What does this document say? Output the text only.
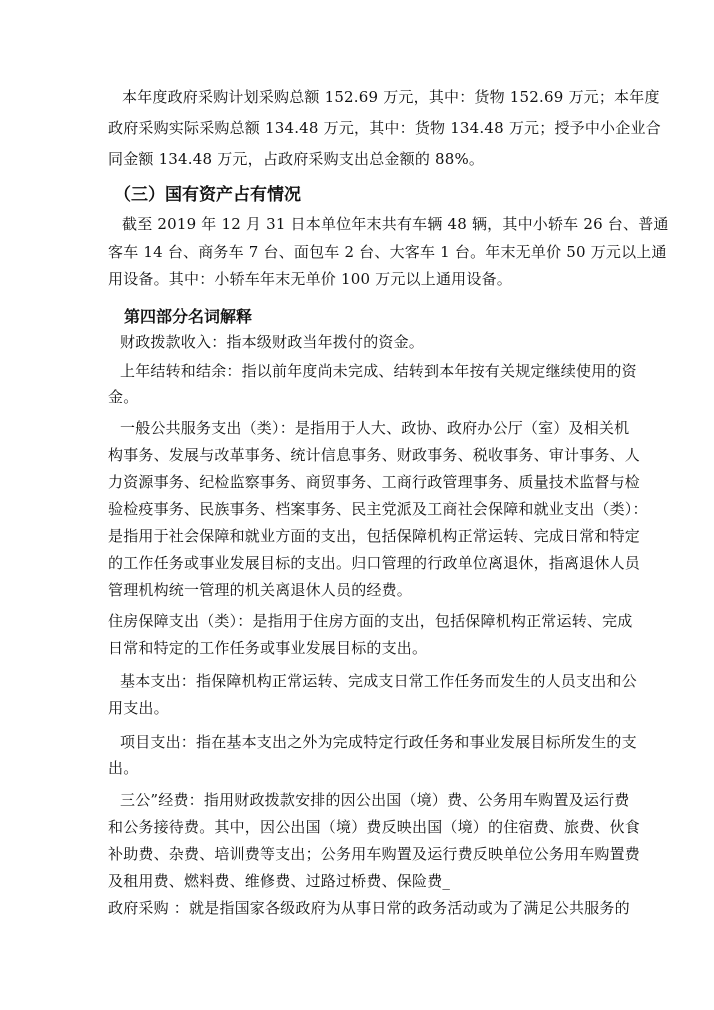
本年度政府采购计划采购总额 152.69 万元，其中：货物 152.69 万元；本年度
政府采购实际采购总额 134.48 万元，其中：货物 134.48 万元；授予中小企业合
同金额 134.48 万元，占政府采购支出总金额的 88%。
（三）国有资产占有情况
截至 2019 年 12 月 31 日本单位年末共有车辆 48 辆，其中小轿车 26 台、普通
客车 14 台、商务车 7 台、面包车 2 台、大客车 1 台。年末无单价 50 万元以上通
用设备。其中：小轿车年末无单价 100 万元以上通用设备。
第四部分名词解释
财政拨款收入：指本级财政当年拨付的资金。
上年结转和结余：指以前年度尚未完成、结转到本年按有关规定继续使用的资
金。
一般公共服务支出（类）：是指用于人大、政协、政府办公厅（室）及相关机
构事务、发展与改革事务、统计信息事务、财政事务、税收事务、审计事务、人
力资源事务、纪检监察事务、商贸事务、工商行政管理事务、质量技术监督与检
验检疫事务、民族事务、档案事务、民主党派及工商社会保障和就业支出（类）：
是指用于社会保障和就业方面的支出，包括保障机构正常运转、完成日常和特定
的工作任务或事业发展目标的支出。归口管理的行政单位离退休，指离退休人员
管理机构统一管理的机关离退休人员的经费。
住房保障支出（类）：是指用于住房方面的支出，包括保障机构正常运转、完成
日常和特定的工作任务或事业发展目标的支出。
基本支出：指保障机构正常运转、完成支日常工作任务而发生的人员支出和公
用支出。
项目支出：指在基本支出之外为完成特定行政任务和事业发展目标所发生的支
出。
三公”经费：指用财政拨款安排的因公出国（境）费、公务用车购置及运行费
和公务接待费。其中，因公出国（境）费反映出国（境）的住宿费、旅费、伙食
补助费、杂费、培训费等支出；公务用车购置及运行费反映单位公务用车购置费
及租用费、燃料费、维修费、过路过桥费、保险费_
政府采购 ：就是指国家各级政府为从事日常的政务活动或为了满足公共服务的
